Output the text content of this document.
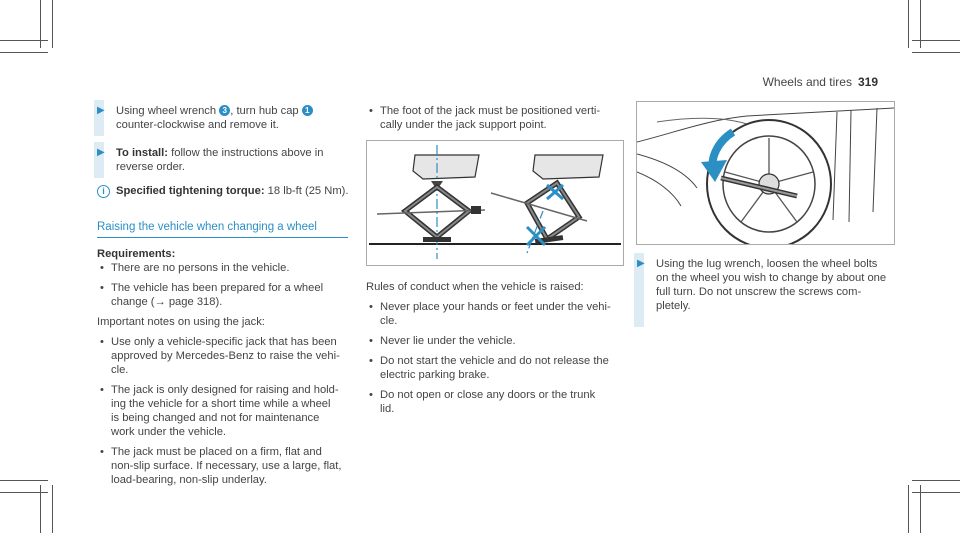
Wheels and tires 319
▶ Using wheel wrench 3 , turn hub cap 1
counter-clockwise and remove it.
▶ To install: follow the instructions above in
reverse order.
i	Specified tightening torque: 18 lb-ft (25 Nm).
Raising the vehicle when changing a wheel
Requirements:
• There are no persons in the vehicle.
• The vehicle has been prepared for a wheel
change (→ page 318).
Important notes on using the jack:
• Use only a vehicle-specific jack that has been
approved by Mercedes-Benz to raise the vehi-
cle.
• The jack is only designed for raising and hold-
ing the vehicle for a short time while a wheel
is being changed and not for maintenance
work under the vehicle.
• The jack must be placed on a firm, flat and
non-slip surface. If necessary, use a large, flat,
load-bearing, non-slip underlay.
• The foot of the jack must be positioned verti-
cally under the jack support point.
Rules of conduct when the vehicle is raised:
• Never place your hands or feet under the vehi-
cle.
• Never lie under the vehicle.
• Do not start the vehicle and do not release the
electric parking brake.
• Do not open or close any doors or the trunk
lid.
▶ Using the lug wrench, loosen the wheel bolts
on the wheel you wish to change by about one
full turn. Do not unscrew the screws com-
pletely.
